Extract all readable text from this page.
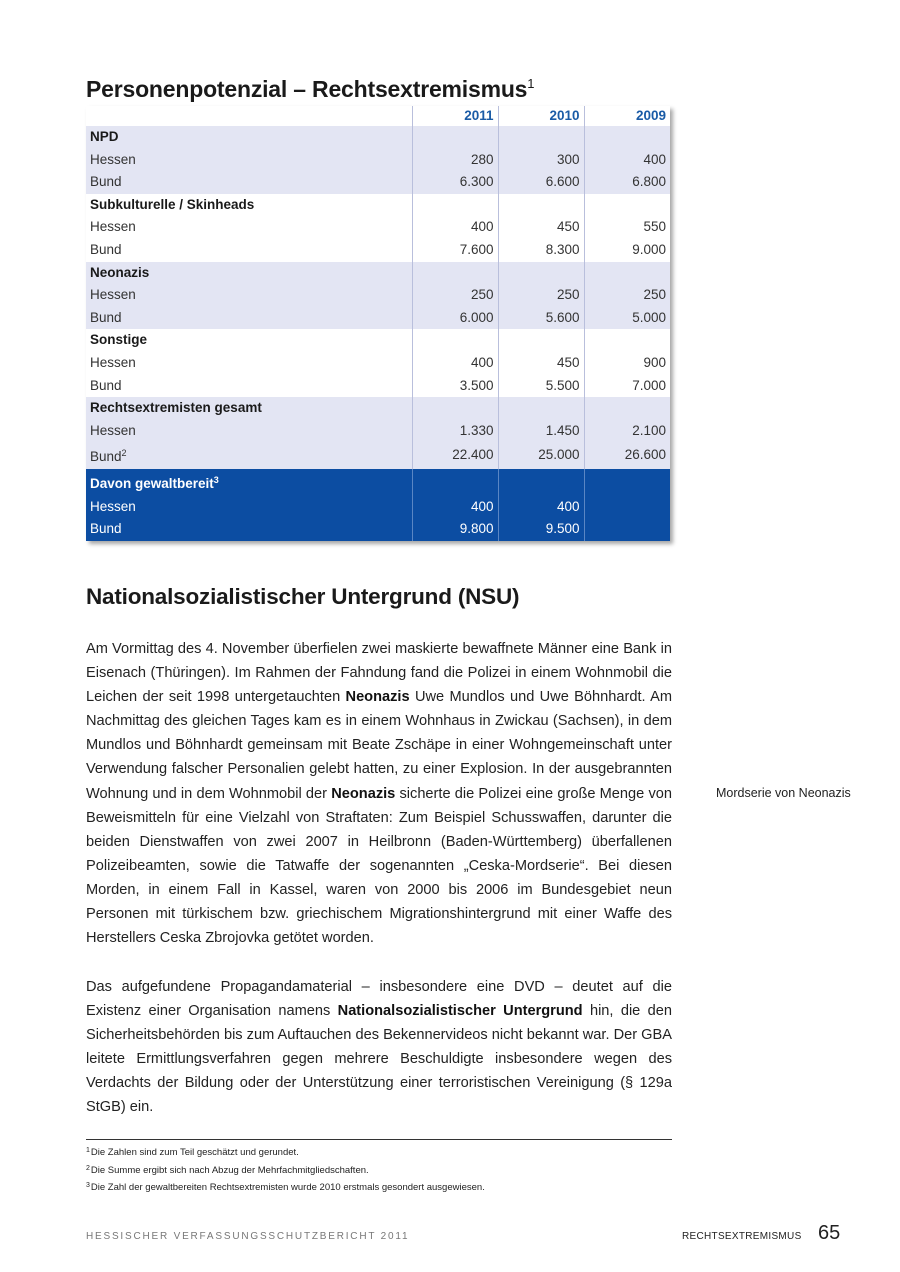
Personenpotenzial – Rechtsextremismus$^1$
	2011	2010	2009
NPD			
Hessen	280	300	400
Bund	6.300	6.600	6.800
Subkulturelle / Skinheads			
Hessen	400	450	550
Bund	7.600	8.300	9.000
Neonazis			
Hessen	250	250	250
Bund	6.000	5.600	5.000
Sonstige			
Hessen	400	450	900
Bund	3.500	5.500	7.000
Rechtsextremisten gesamt			
Hessen	1.330	1.450	2.100
Bund$^2$	22.400	25.000	26.600
Davon gewaltbereit$^3$			
Hessen	400	400	
Bund	9.800	9.500	
Nationalsozialistischer Untergrund (NSU)
Am Vormittag des 4. November überfielen zwei maskierte bewaffnete Männer eine Bank in Eisenach (Thüringen). Im Rahmen der Fahndung fand die Polizei in einem Wohnmobil die Leichen der seit 1998 untergetauchten Neonazis Uwe Mundlos und Uwe Böhnhardt. Am Nachmittag des gleichen Tages kam es in einem Wohnhaus in Zwickau (Sachsen), in dem Mundlos und Böhnhardt gemeinsam mit Beate Zschäpe in einer Wohngemeinschaft unter Verwendung falscher Personalien gelebt hatten, zu einer Explosion. In der ausgebrannten Wohnung und in dem Wohnmobil der Neonazis sicherte die Polizei eine große Menge von Beweismitteln für eine Vielzahl von Straftaten: Zum Beispiel Schusswaffen, darunter die beiden Dienstwaffen von zwei 2007 in Heilbronn (Baden-Württemberg) überfallenen Polizeibeamten, sowie die Tatwaffe der sogenannten „Ceska-Mordserie“. Bei diesen Morden, in einem Fall in Kassel, waren von 2000 bis 2006 im Bundesgebiet neun Personen mit türkischem bzw. griechischem Migrationshintergrund mit einer Waffe des Herstellers Ceska Zbrojovka getötet worden.
Mordserie von Neonazis
Das aufgefundene Propagandamaterial – insbesondere eine DVD – deutet auf die Existenz einer Organisation namens Nationalsozialistischer Untergrund hin, die den Sicherheitsbehörden bis zum Auftauchen des Bekennervideos nicht bekannt war. Der GBA leitete Ermittlungsverfahren gegen mehrere Beschuldigte insbesondere wegen des Verdachts der Bildung oder der Unterstützung einer terroristischen Vereinigung (§ 129a StGB) ein.
$^1$Die Zahlen sind zum Teil geschätzt und gerundet.
$^2$Die Summe ergibt sich nach Abzug der Mehrfachmitgliedschaften.
$^3$Die Zahl der gewaltbereiten Rechtsextremisten wurde 2010 erstmals gesondert ausgewiesen.
HESSISCHER VERFASSUNGSSCHUTZBERICHT 2011	RECHTSEXTREMISMUS 65
